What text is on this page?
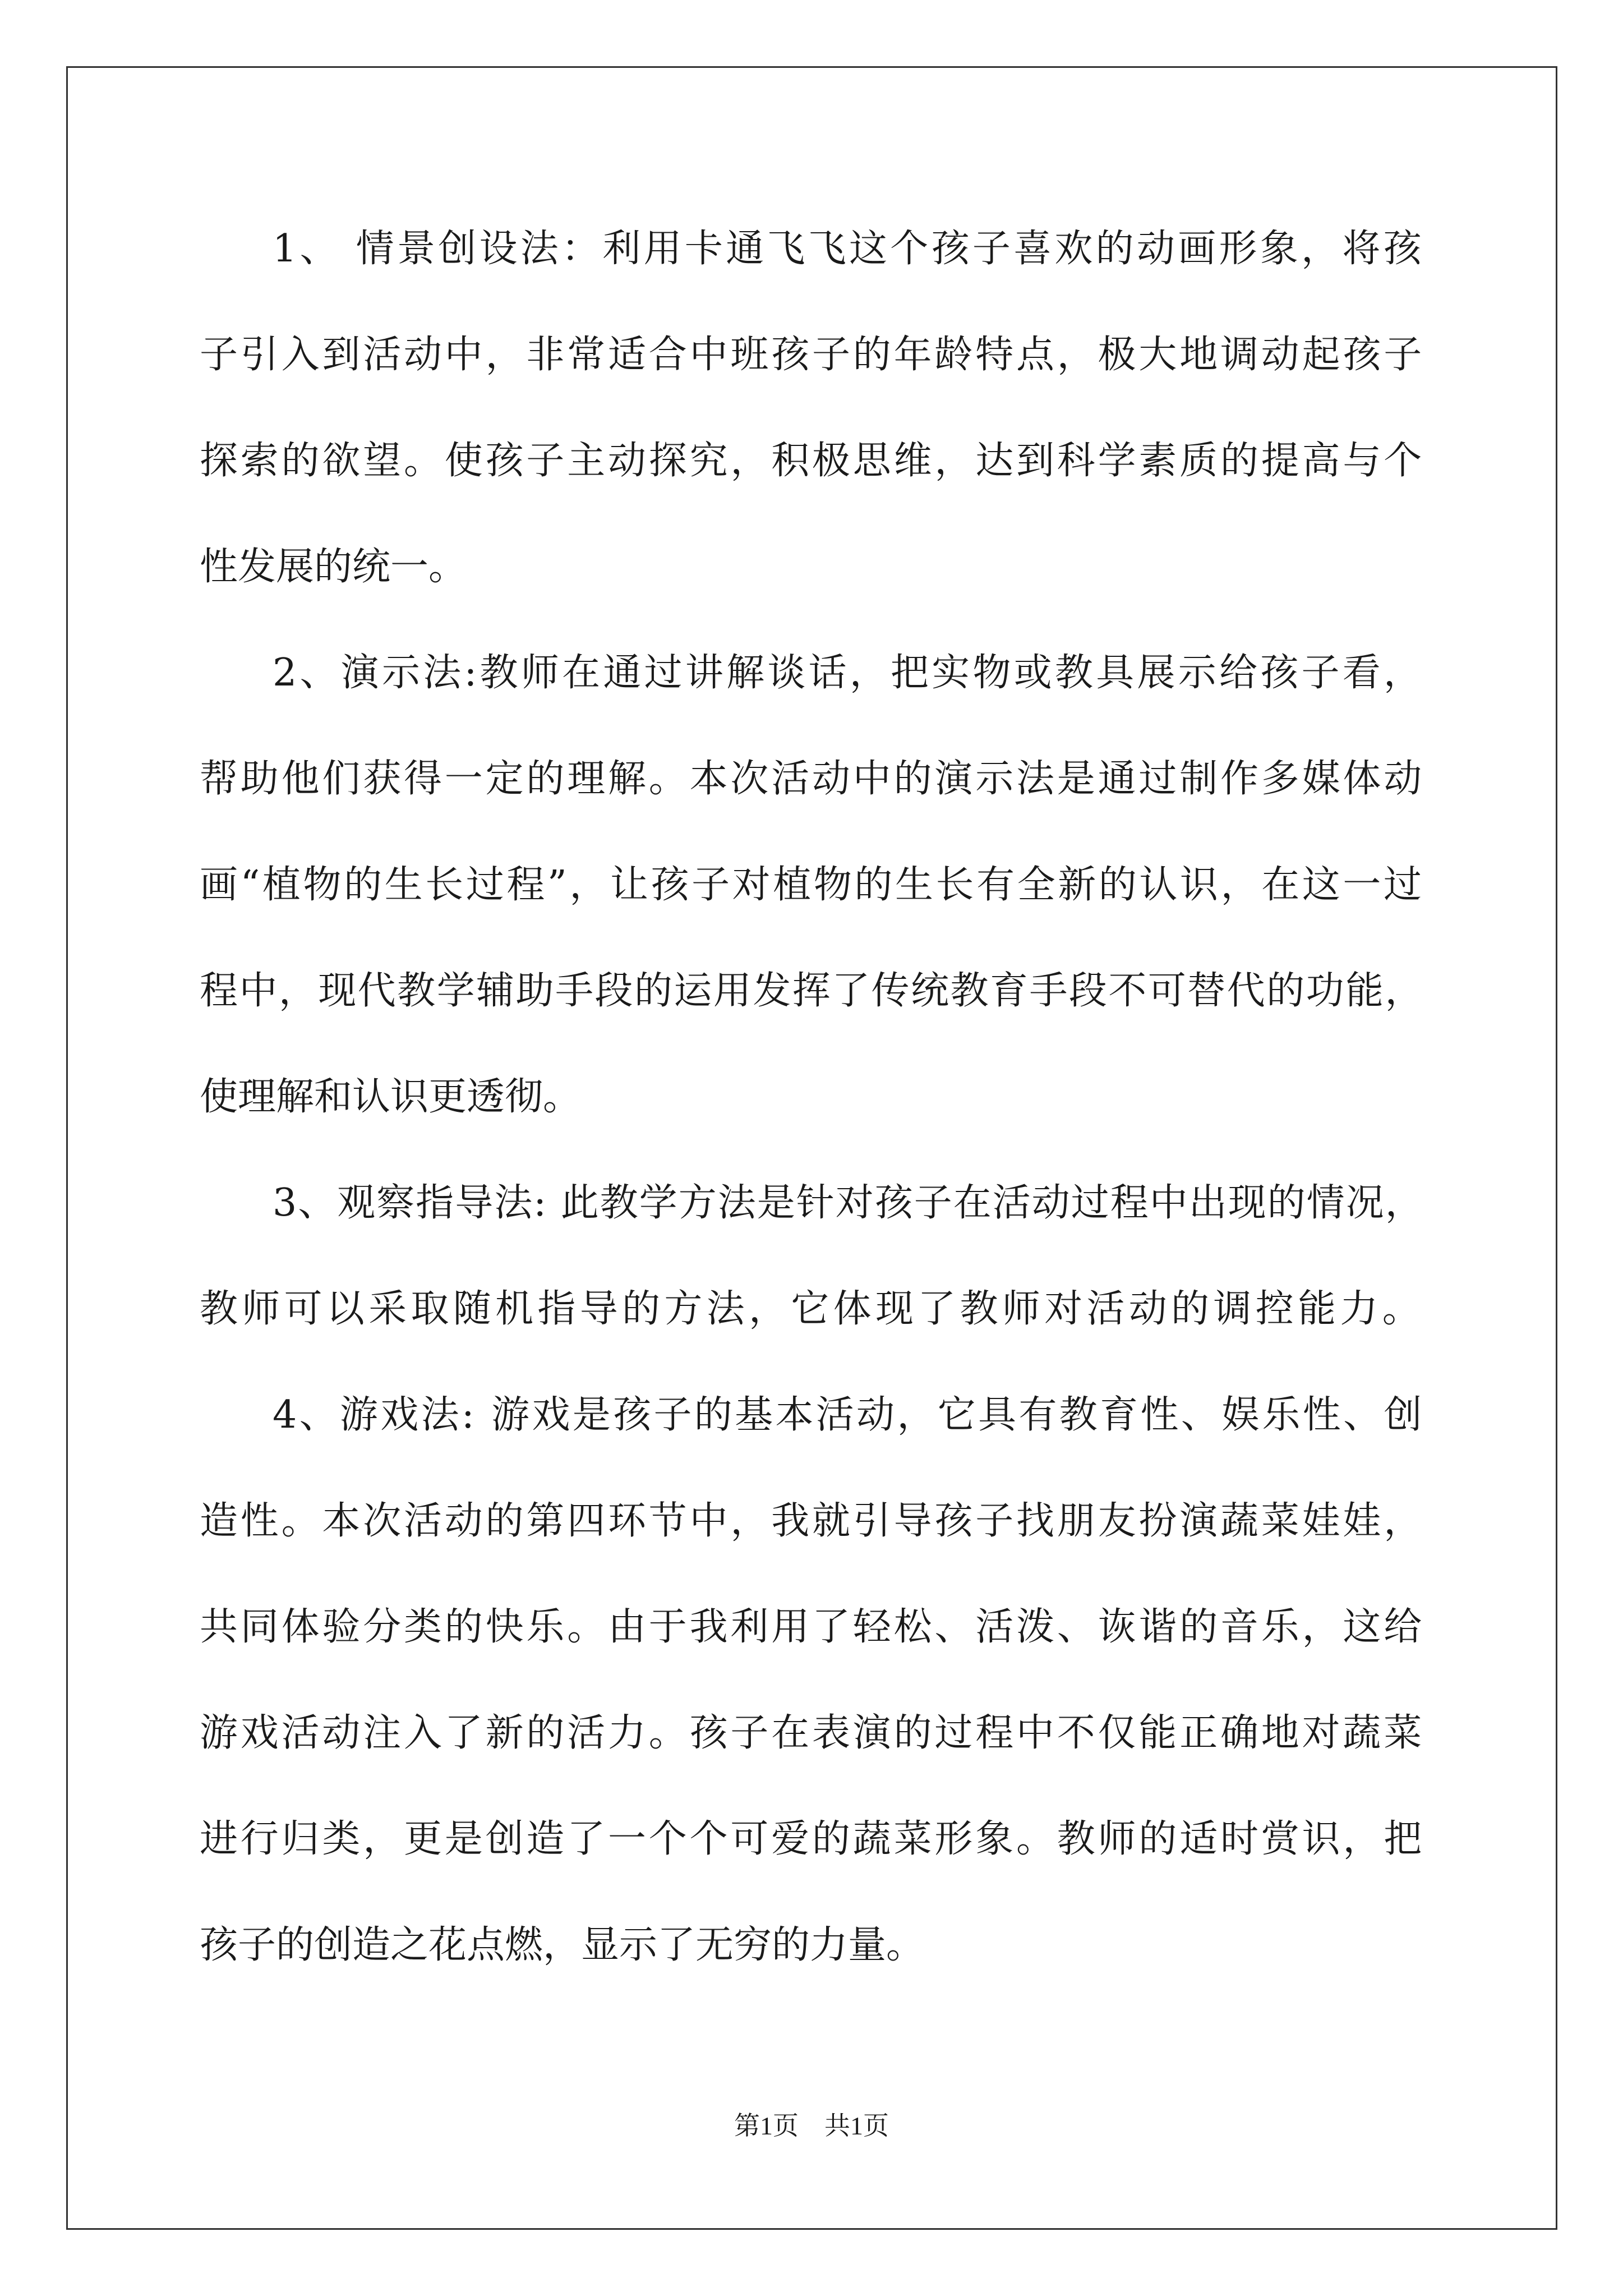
1、 情景创设法：利用卡通飞飞这个孩子喜欢的动画形象，将孩
子引入到活动中，非常适合中班孩子的年龄特点，极大地调动起孩子
探索的欲望。使孩子主动探究，积极思维，达到科学素质的提高与个
性发展的统一。
2、演示法:教师在通过讲解谈话，把实物或教具展示给孩子看，
帮助他们获得一定的理解。本次活动中的演示法是通过制作多媒体动
画“植物的生长过程”，让孩子对植物的生长有全新的认识，在这一过
程中，现代教学辅助手段的运用发挥了传统教育手段不可替代的功能，
使理解和认识更透彻。
3、观察指导法: 此教学方法是针对孩子在活动过程中出现的情况，
教师可以采取随机指导的方法，它体现了教师对活动的调控能力。
4、游戏法: 游戏是孩子的基本活动，它具有教育性、娱乐性、创
造性。本次活动的第四环节中，我就引导孩子找朋友扮演蔬菜娃娃，
共同体验分类的快乐。由于我利用了轻松、活泼、诙谐的音乐，这给
游戏活动注入了新的活力。孩子在表演的过程中不仅能正确地对蔬菜
进行归类，更是创造了一个个可爱的蔬菜形象。教师的适时赏识，把
孩子的创造之花点燃，显示了无穷的力量。
第1页　共1页
